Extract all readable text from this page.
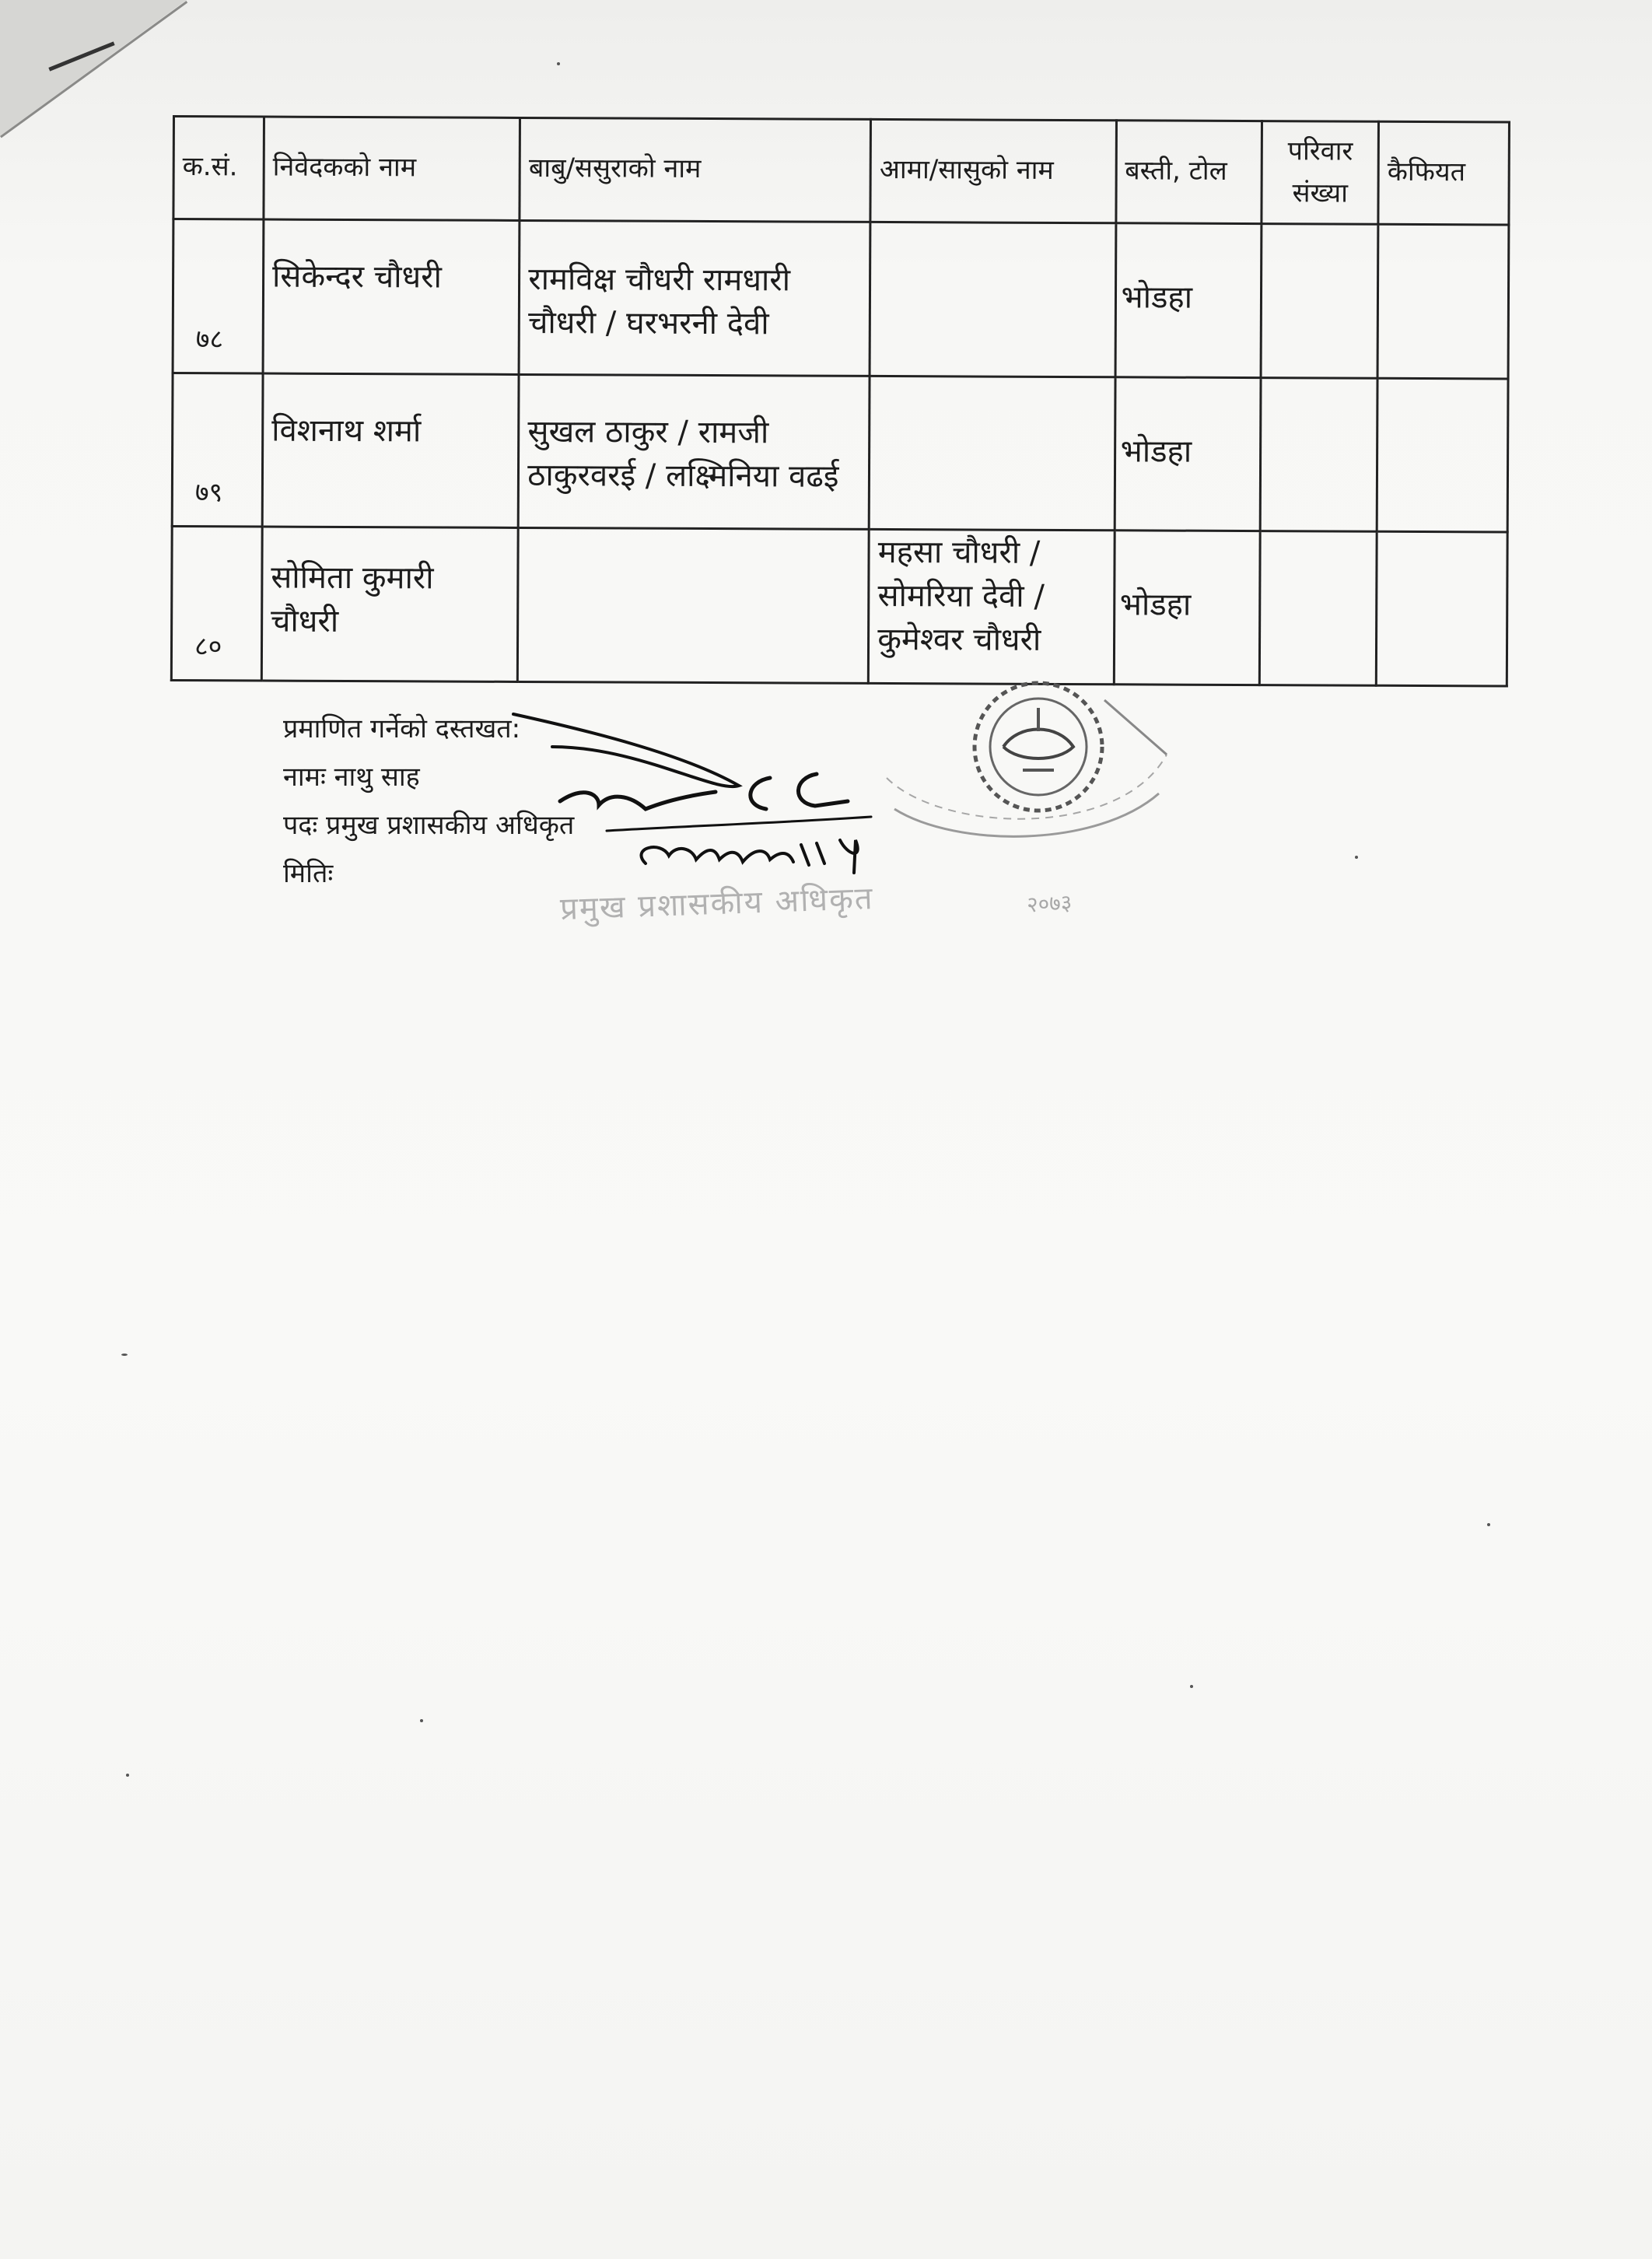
क.सं.	निवेदकको नाम	बाबु/ससुराको नाम	आमा/सासुको नाम	बस्ती, टोल	परिवार
संख्या	कैफियत
७८	सिकेन्दर चौधरी	रामविक्ष चौधरी रामधारी चौधरी / घरभरनी देवी		भोडहा		
७९	विशनाथ शर्मा	सुखल ठाकुर / रामजी ठाकुरवरई / लक्ष्मिनिया वढई		भोडहा		
८०	सोमिता कुमारी चौधरी		महसा चौधरी / सोमरिया देवी / कुमेश्वर चौधरी	भोडहा		
प्रमाणित गर्नेको दस्तखत:
नामः नाथु साह
पदः प्रमुख प्रशासकीय अधिकृत
मितिः
प्रमुख प्रशासकीय अधिकृत	२०७३
